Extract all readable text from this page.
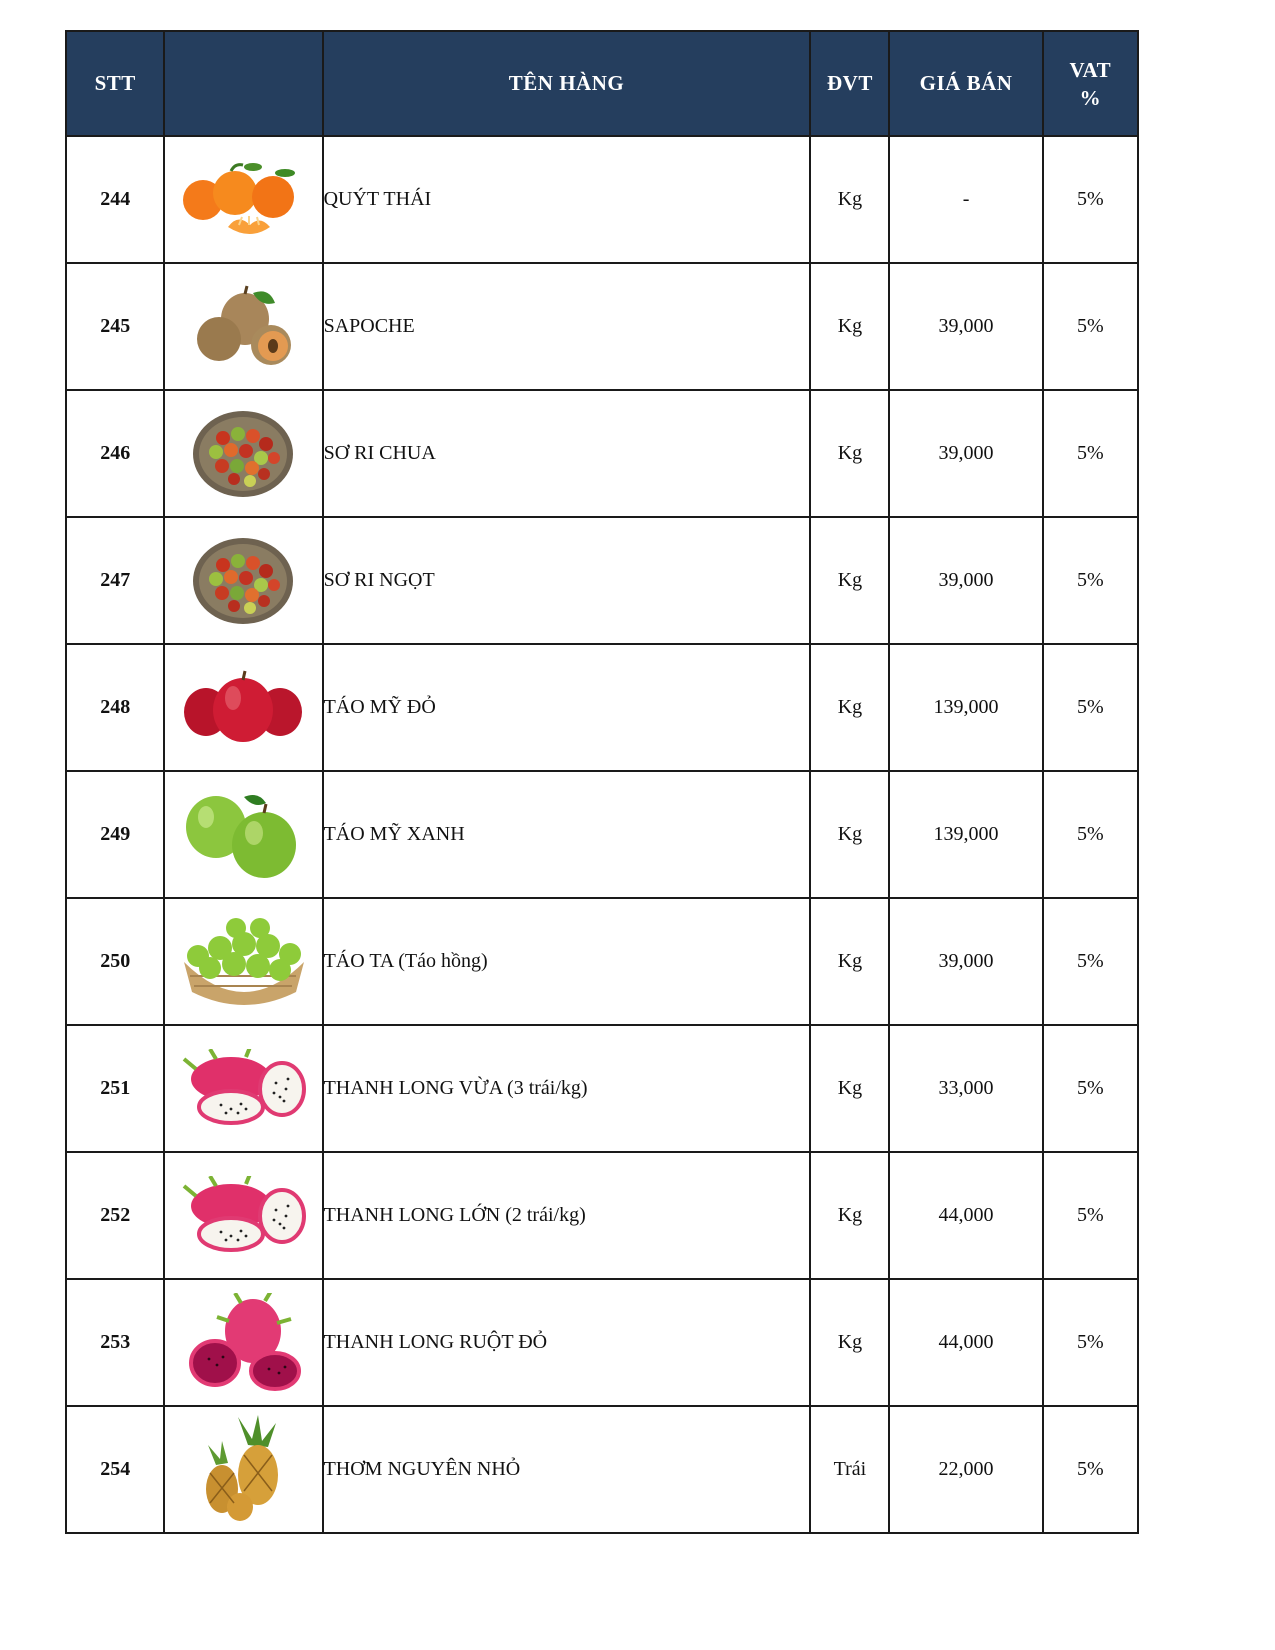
STT		TÊN HÀNG	ĐVT	GIÁ BÁN	VAT
%

244		QUÝT THÁI	Kg	-	5%
245		SAPOCHE	Kg	39,000	5%
246		SƠ RI CHUA	Kg	39,000	5%
247		SƠ RI NGỌT	Kg	39,000	5%
248		TÁO MỸ ĐỎ	Kg	139,000	5%
249		TÁO MỸ XANH	Kg	139,000	5%
250		TÁO TA (Táo hồng)	Kg	39,000	5%
251		THANH LONG VỪA (3 trái/kg)	Kg	33,000	5%
252		THANH LONG LỚN (2 trái/kg)	Kg	44,000	5%
253		THANH LONG RUỘT ĐỎ	Kg	44,000	5%
254		THƠM NGUYÊN NHỎ	Trái	22,000	5%
